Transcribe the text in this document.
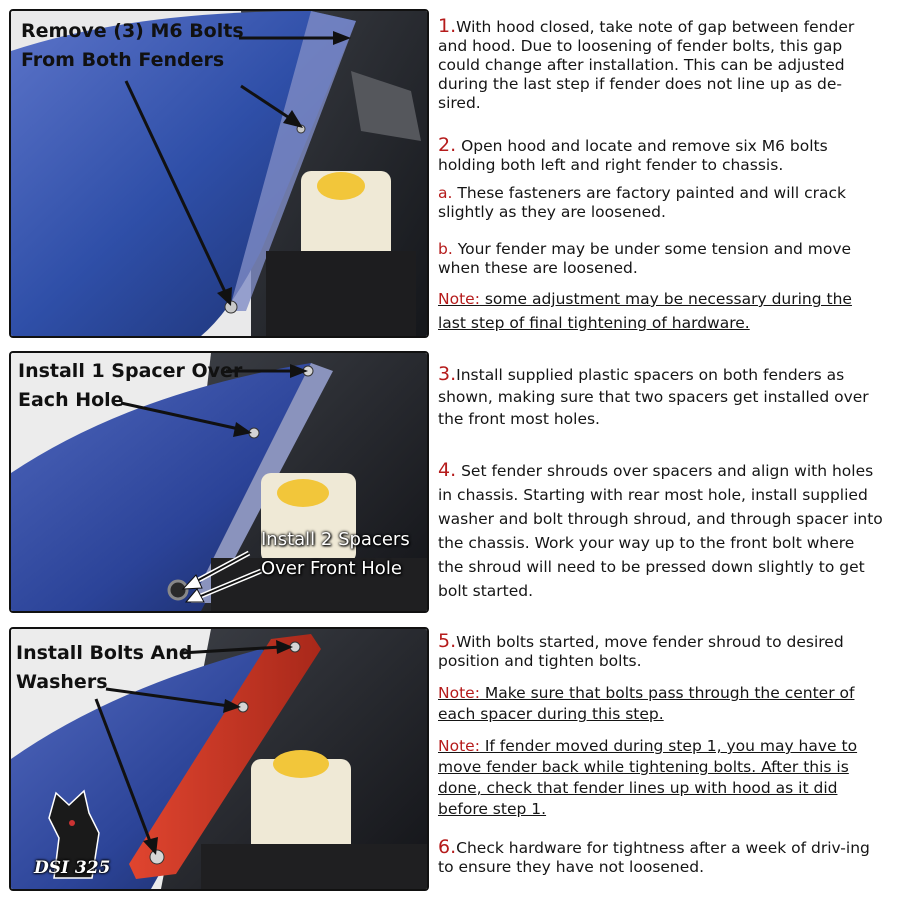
Remove (3) M6 Bolts
From Both Fenders
Install 1 Spacer Over
Each Hole
Install 2 Spacers
Over Front Hole
Install Bolts And
Washers
DSI 325
1.With hood closed, take note of gap between fender and hood. Due to loosening of fender bolts, this gap could change after installation. This can be adjusted during the last step if fender does not line up as de-sired.
2. Open hood and locate and remove six M6 bolts holding both left and right fender to chassis.
a. These fasteners are factory painted and will crack slightly as they are loosened.
b. Your fender may be under some tension and move when these are loosened.
Note: some adjustment may be necessary during the last step of final tightening of hardware.
3.Install supplied plastic spacers on both fenders as shown, making sure that two spacers get installed over the front most holes.
4. Set fender shrouds over spacers and align with holes in chassis. Starting with rear most hole, install supplied washer and bolt through shroud, and through spacer into the chassis. Work your way up to the front bolt where the shroud will need to be pressed down slightly to get bolt started.
5.With bolts started, move fender shroud to desired position and tighten bolts.
Note: Make sure that bolts pass through the center of each spacer during this step.
Note: If fender moved during step 1, you may have to move fender back while tightening bolts. After this is done, check that fender lines up with hood as it did before step 1.
6.Check hardware for tightness after a week of driv-ing to ensure they have not loosened.
